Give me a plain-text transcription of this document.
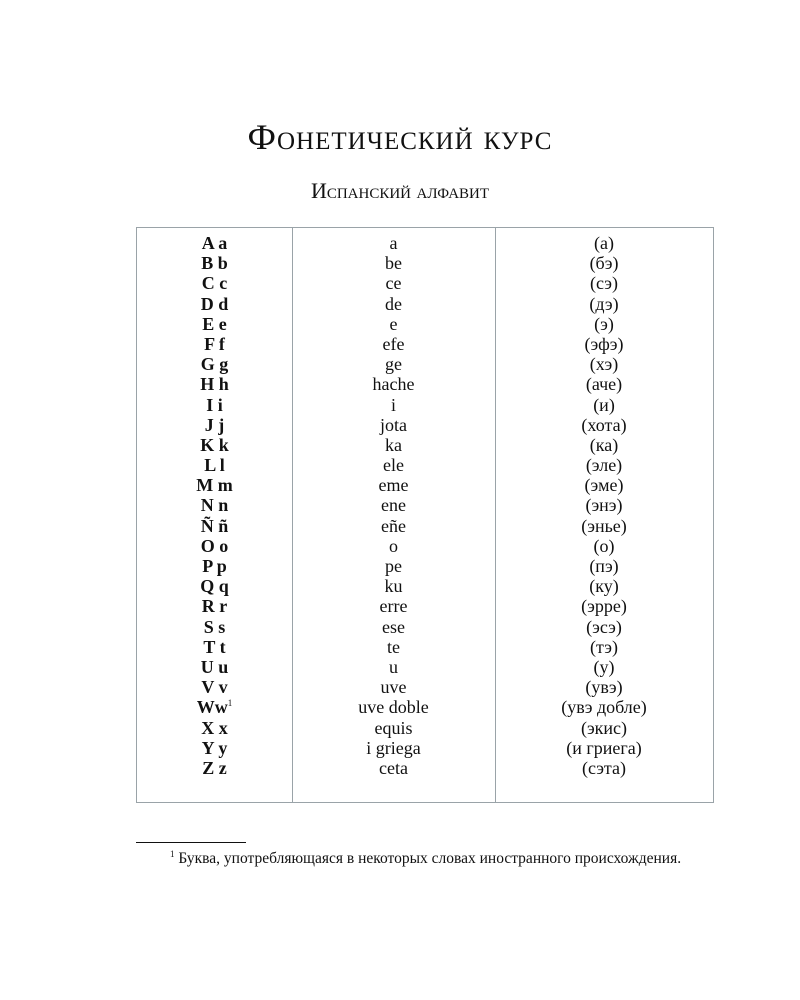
Фонетический курс
Испанский алфавит
A a	a	(а)
B b	be	(бэ)
C c	ce	(сэ)
D d	de	(дэ)
E e	e	(э)
F f	efe	(эфэ)
G g	ge	(хэ)
H h	hache	(аче)
I i	i	(и)
J j	jota	(хота)
K k	ka	(ка)
L l	ele	(эле)
M m	eme	(эме)
N n	ene	(энэ)
Ñ ñ	eñe	(энье)
O o	o	(о)
P p	pe	(пэ)
Q q	ku	(ку)
R r	erre	(эрре)
S s	ese	(эсэ)
T t	te	(тэ)
U u	u	(у)
V v	uve	(увэ)
Ww$^1$	uve doble	(увэ добле)
X x	equis	(экис)
Y y	i griega	(и гриега)
Z z	ceta	(сэта)
$^1$ Буква, употребляющаяся в некоторых словах иностранного происхождения.
